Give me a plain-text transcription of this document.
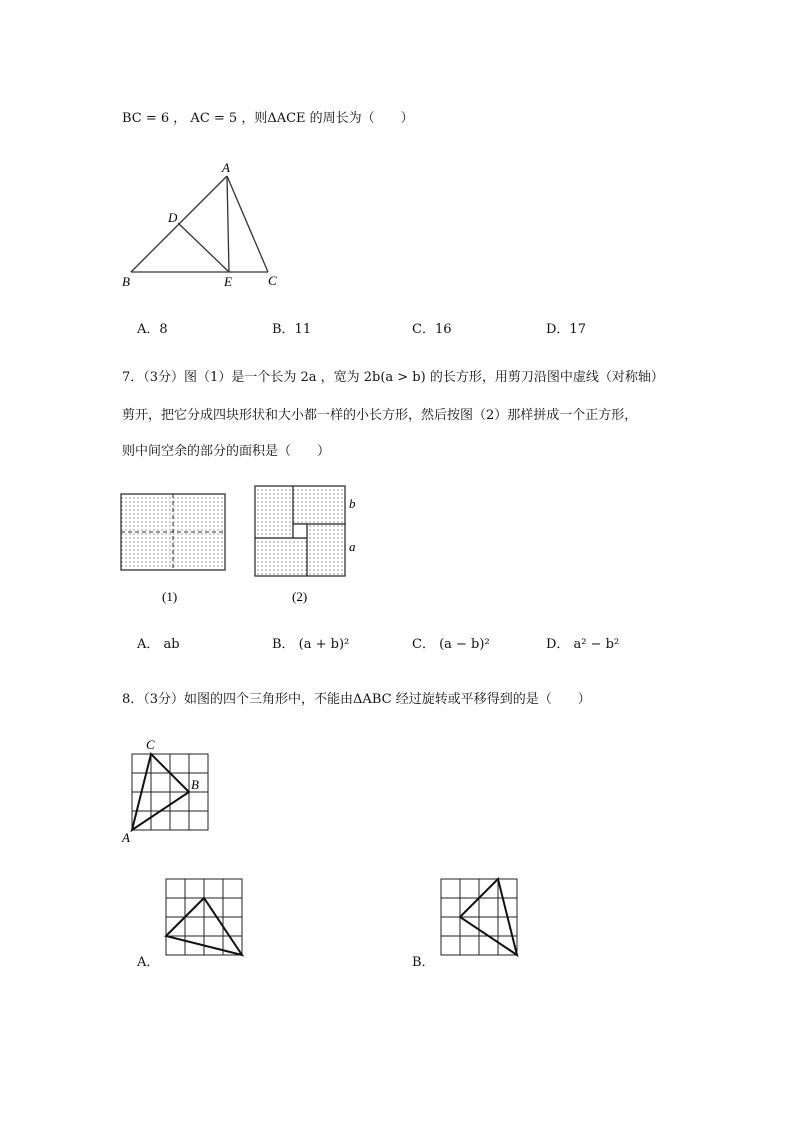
BC = 6 ， AC = 5 ，则ΔACE 的周长为（　　）
A
D
B	E	C
A．8	B．11	C．16	D．17
7．（3分）图（1）是一个长为 2a ，宽为 2b(a > b) 的长方形，用剪刀沿图中虚线（对称轴）
剪开，把它分成四块形状和大小都一样的小长方形，然后按图（2）那样拼成一个正方形，
则中间空余的部分的面积是（　　）
(1)
b
a
(2)
A． ab	B． (a + b)²	C． (a − b)²	D． a² − b²
8．（3分）如图的四个三角形中，不能由ΔABC 经过旋转或平移得到的是（　　）
C
B
A
A．	B．
